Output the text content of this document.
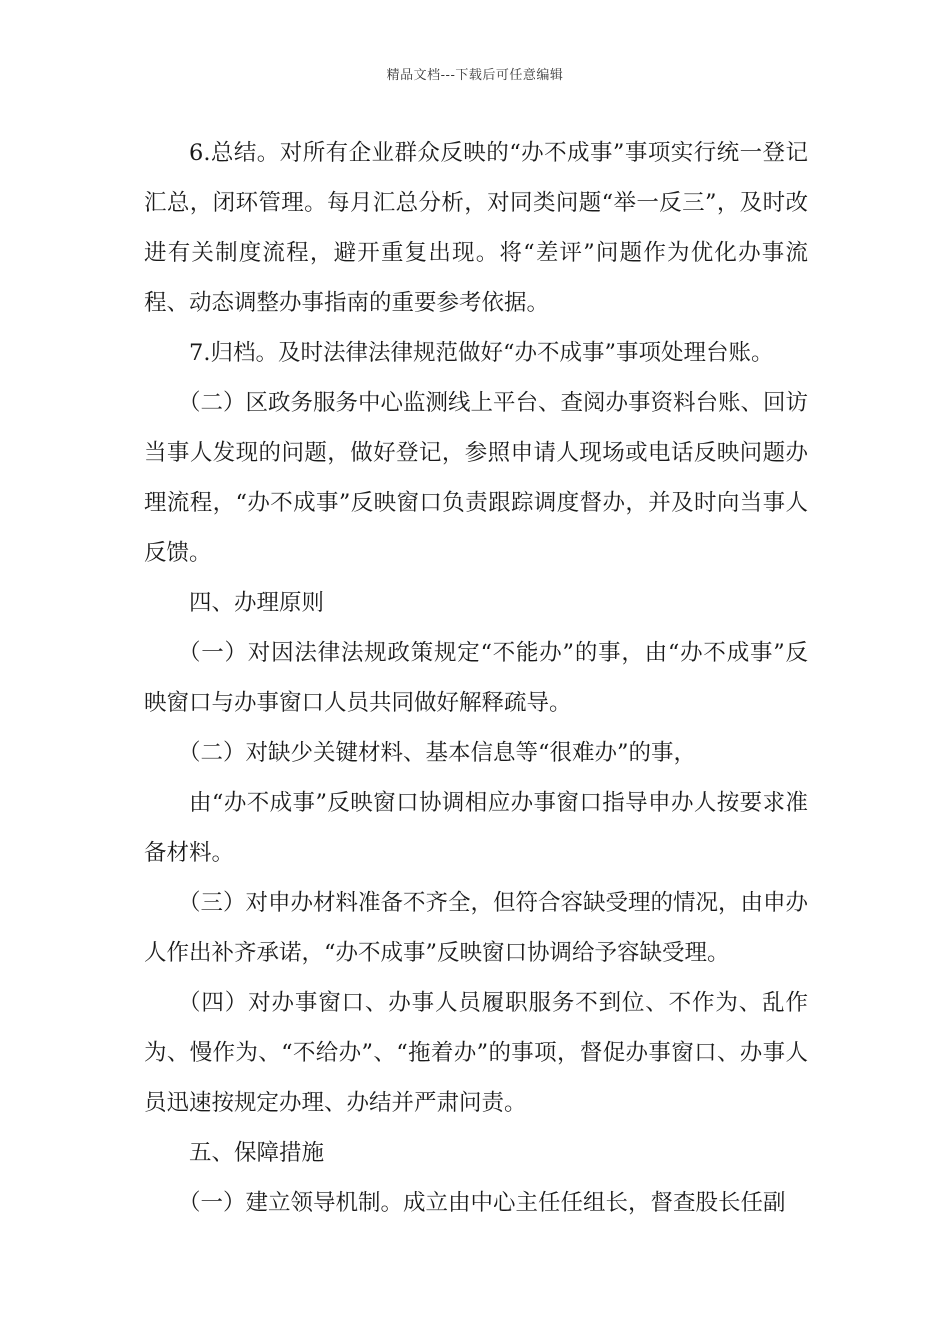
精品文档---下载后可任意编辑

6.总结。对所有企业群众反映的“办不成事”事项实行统一登记汇总，闭环管理。每月汇总分析，对同类问题“举一反三”，及时改进有关制度流程，避开重复出现。将“差评”问题作为优化办事流程、动态调整办事指南的重要参考依据。

7.归档。及时法律法律规范做好“办不成事”事项处理台账。

（二）区政务服务中心监测线上平台、查阅办事资料台账、回访当事人发现的问题，做好登记，参照申请人现场或电话反映问题办理流程，“办不成事”反映窗口负责跟踪调度督办，并及时向当事人反馈。

四、办理原则

（一）对因法律法规政策规定“不能办”的事，由“办不成事”反映窗口与办事窗口人员共同做好解释疏导。

（二）对缺少关键材料、基本信息等“很难办”的事，

由“办不成事”反映窗口协调相应办事窗口指导申办人按要求准备材料。

（三）对申办材料准备不齐全，但符合容缺受理的情况，由申办人作出补齐承诺，“办不成事”反映窗口协调给予容缺受理。

（四）对办事窗口、办事人员履职服务不到位、不作为、乱作为、慢作为、“不给办”、“拖着办”的事项，督促办事窗口、办事人员迅速按规定办理、办结并严肃问责。

五、保障措施

（一）建立领导机制。成立由中心主任任组长，督查股长任副
